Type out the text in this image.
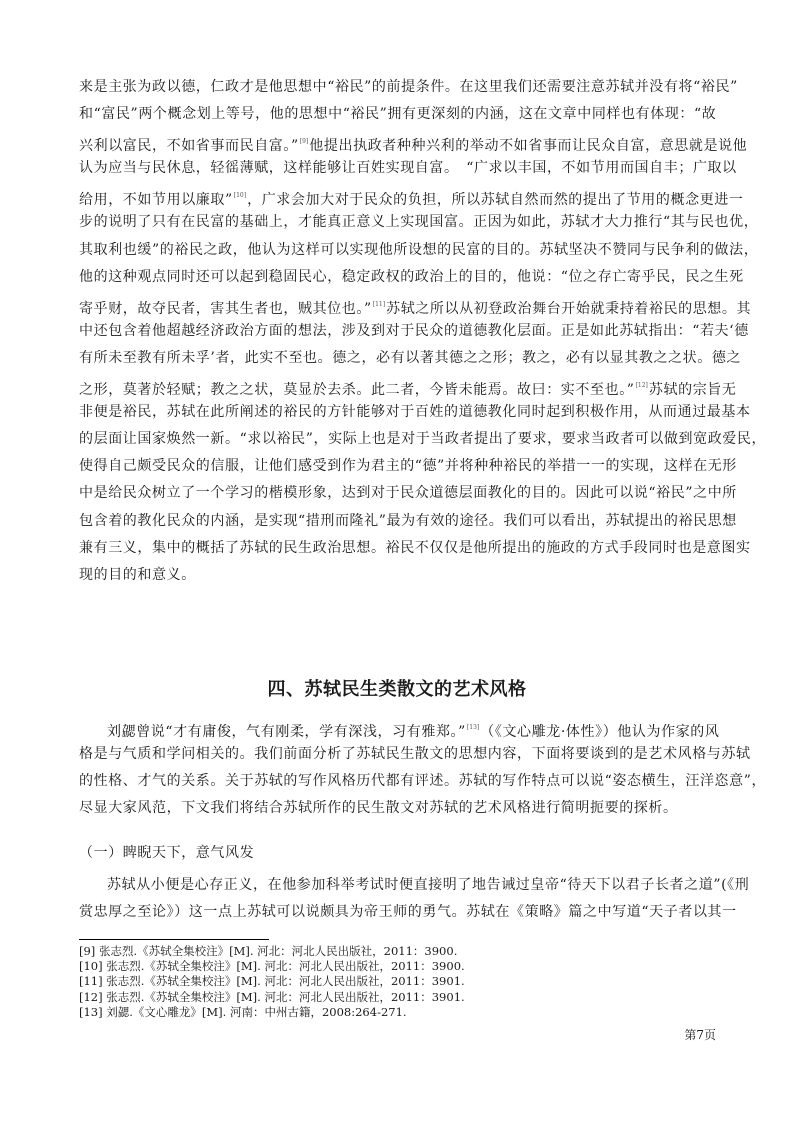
来是主张为政以德，仁政才是他思想中“裕民”的前提条件。在这里我们还需要注意苏轼并没有将“裕民”
和“富民”两个概念划上等号，他的思想中“裕民”拥有更深刻的内涵，这在文章中同样也有体现：“故
兴利以富民，不如省事而民自富。”[9]他提出执政者种种兴利的举动不如省事而让民众自富，意思就是说他
认为应当与民休息，轻徭薄赋，这样能够让百姓实现自富。　“广求以丰国，不如节用而国自丰；广取以
给用，不如节用以廉取”[10]，广求会加大对于民众的负担，所以苏轼自然而然的提出了节用的概念更进一
步的说明了只有在民富的基础上，才能真正意义上实现国富。正因为如此，苏轼才大力推行“其与民也优，
其取利也缓”的裕民之政，他认为这样可以实现他所设想的民富的目的。苏轼坚决不赞同与民争利的做法，
他的这种观点同时还可以起到稳固民心，稳定政权的政治上的目的，他说：“位之存亡寄乎民，民之生死
寄乎财，故夺民者，害其生者也，贼其位也。”[11]苏轼之所以从初登政治舞台开始就秉持着裕民的思想。其
中还包含着他超越经济政治方面的想法，涉及到对于民众的道德教化层面。正是如此苏轼指出：“若夫‘德
有所未至教有所未孚’者，此实不至也。德之，必有以著其德之之形；教之，必有以显其教之之状。德之
之形，莫著於轻赋；教之之状，莫显於去杀。此二者，今皆未能焉。故曰：实不至也。”[12]苏轼的宗旨无
非便是裕民，苏轼在此所阐述的裕民的方针能够对于百姓的道德教化同时起到积极作用，从而通过最基本
的层面让国家焕然一新。“求以裕民”，实际上也是对于当政者提出了要求，要求当政者可以做到宽政爱民，
使得自己颇受民众的信服，让他们感受到作为君主的“德”并将种种裕民的举措一一的实现，这样在无形
中是给民众树立了一个学习的楷模形象，达到对于民众道德层面教化的目的。因此可以说“裕民”之中所
包含着的教化民众的内涵，是实现“措刑而隆礼”最为有效的途径。我们可以看出，苏轼提出的裕民思想
兼有三义，集中的概括了苏轼的民生政治思想。裕民不仅仅是他所提出的施政的方式手段同时也是意图实
现的目的和意义。
四、苏轼民生类散文的艺术风格
刘勰曾说“才有庸俊，气有刚柔，学有深浅，习有雅郑。”[13]（《文心雕龙·体性》）他认为作家的风
格是与气质和学问相关的。我们前面分析了苏轼民生散文的思想内容，下面将要谈到的是艺术风格与苏轼
的性格、才气的关系。关于苏轼的写作风格历代都有评述。苏轼的写作特点可以说“姿态横生，汪洋恣意”，
尽显大家风范，下文我们将结合苏轼所作的民生散文对苏轼的艺术风格进行简明扼要的探析。
（一）睥睨天下，意气风发
苏轼从小便是心存正义，在他参加科举考试时便直接明了地告诫过皇帝“待天下以君子长者之道”(《刑
赏忠厚之至论》）这一点上苏轼可以说颇具为帝王师的勇气。苏轼在《策略》篇之中写道“天子者以其一
[9] 张志烈.《苏轼全集校注》[M]. 河北：河北人民出版社，2011：3900.
[10] 张志烈.《苏轼全集校注》[M]. 河北：河北人民出版社，2011：3900.
[11] 张志烈.《苏轼全集校注》[M]. 河北：河北人民出版社，2011：3901.
[12] 张志烈.《苏轼全集校注》[M]. 河北：河北人民出版社，2011：3901.
[13] 刘勰.《文心雕龙》[M]. 河南：中州古籍，2008:264-271.
第7页
